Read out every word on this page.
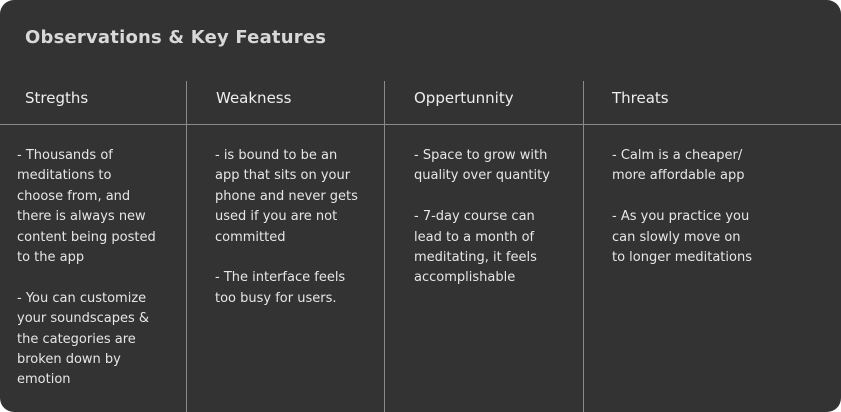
Observations & Key Features
Stregths

- Thousands of
meditations to
choose from, and
there is always new
content being posted
to the app

- You can customize
your soundscapes &
the categories are
broken down by
emotion

Weakness

- is bound to be an
app that sits on your
phone and never gets
used if you are not
committed

- The interface feels
too busy for users.

Oppertunnity

- Space to grow with
quality over quantity

- 7-day course can
lead to a month of
meditating, it feels
accomplishable

Threats

- Calm is a cheaper/
more affordable app

- As you practice you
can slowly move on
to longer meditations
